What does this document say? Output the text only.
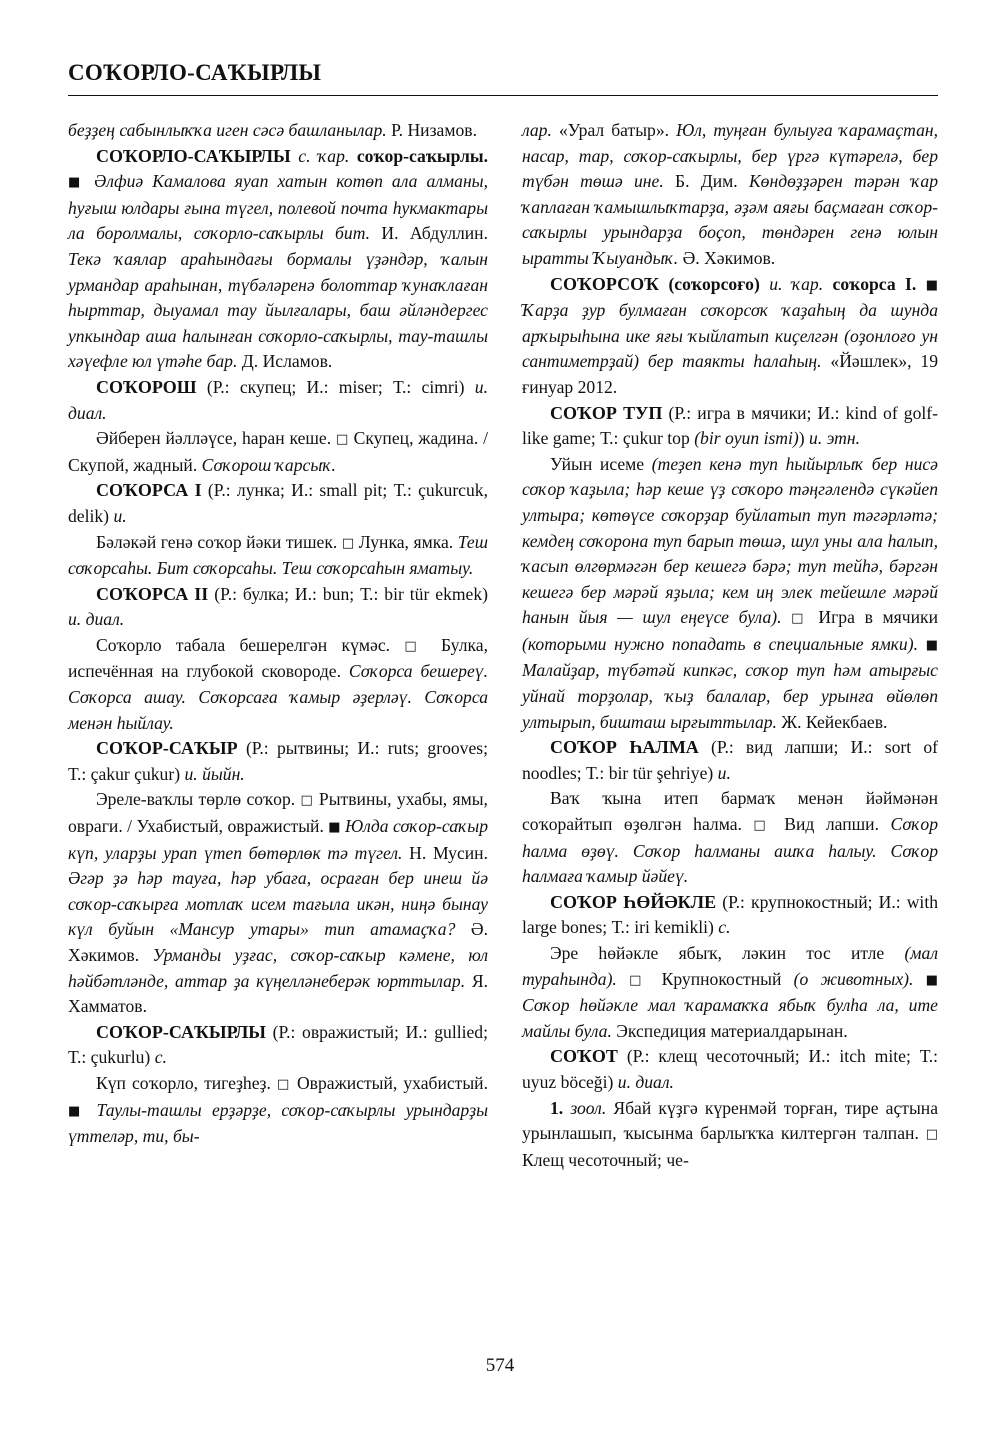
СОҠОРЛО-САҠЫРЛЫ

беҙҙең сабынлыҡҡа иген сәсә башланылар. Р. Низамов.

СОҠОРЛО-САҠЫРЛЫ с. ҡар. соҡор-саҡырлы. ■ Әлфиә Камалова яуап хатын котөп ала алманы, һуғыш юлдары ғына түгел, полевой почта һукмактары ла боролмалы, соҡорло-саҡырлы бит. И. Абдуллин. Текә ҡаялар араһындағы бормалы үҙәндәр, ҡалын урмандар араһынан, түбәләренә болоттар ҡунаҡлаған һырттар, дыуамал тау йылғалары, баш әйләндергес упкындар аша һалынған соҡорло-саҡырлы, тау-ташлы хәүефле юл үтәһе бар. Д. Исламов.

СОҠОРОШ (Р.: скупец; И.: miser; Т.: cimri) и. диал.

Әйберен йәлләүсе, һаран кеше. □ Скупец, жадина. / Скупой, жадный. Соҡорош ҡарсыҡ.

СОҠОРСА I (Р.: лунка; И.: small pit; Т.: çukurcuk, delik) и.

Бәләкәй генә соҡор йәки тишек. □ Лунка, ямка. Теш соҡорсаһы. Бит соҡорсаһы. Теш соҡорсаһын яматыу.

СОҠОРСА II (Р.: булка; И.: bun; Т.: bir tür ekmek) и. диал.

Соҡорло табала бешерелгән күмәс. □ Булка, испечённая на глубокой сковороде. Соҡорса бешереү. Соҡорса ашау. Соҡорсаға ҡамыр әҙерләү. Соҡорса менән һыйлау.

СОҠОР-САҠЫР (Р.: рытвины; И.: ruts; grooves; Т.: çakur çukur) и. йыйн.

Эреле-ваҡлы төрлө соҡор. □ Рытвины, ухабы, ямы, овраги. / Ухабистый, овражистый. ■ Юлда соҡор-саҡыр күп, уларҙы урап үтеп бөтөрлөк тә түгел. Н. Мусин. Әгәр ҙә һәр тауға, һәр убаға, осраған бер инеш йә соҡор-саҡырға мотлаҡ исем тағыла икән, ниңә бынау күл буйын «Мансур утары» тип атамаҫҡа? Ә. Хәкимов. Урманды уҙғас, соҡор-саҡыр кәмене, юл һәйбәтләнде, аттар ҙа күңелләнеберәк юрттылар. Я. Хамматов.

СОҠОР-САҠЫРЛЫ (Р.: овражистый; И.: gullied; Т.: çukurlu) с.

Күп соҡорло, тигеҙһеҙ. □ Овражистый, ухабистый. ■ Таулы-ташлы ерҙәрҙе, соҡор-саҡырлы урындарҙы үттеләр, ти, бы-

лар. «Урал батыр». Юл, туңған булыуға ҡарамаҫтан, насар, тар, соҡор-саҡырлы, бер үргә күтәрелә, бер түбән төшә ине. Б. Дим. Көндөҙҙәрен тәрән ҡар ҡаплаған ҡамышлыҡтарҙа, әҙәм аяғы баҫмаған соҡор-саҡырлы урындарҙа боҫоп, төндәрен генә юлын ыратты Ҡыуандыҡ. Ә. Хәкимов.

СОҠОРСОҠ (соҡорсоғо) и. ҡар. соҡорса I. ■ Ҡарҙа ҙур булмаған соҡорсоҡ ҡаҙаһың да шунда арҡырыһына ике яғы ҡыйлатып киҫелгән (оҙонлоғо ун сантиметрҙай) бер таякты һалаһың. «Йәшлек», 19 ғинуар 2012.

СОҠОР ТУП (Р.: игра в мячики; И.: kind of golf-like game; Т.: çukur top (bir oyun ismi)) и. этн.

Уйын исеме (теҙеп кенә туп һыйырлыҡ бер нисә соҡор ҡаҙыла; һәр кеше үҙ соҡоро тәңгәлендә сүкәйеп ултыра; көтөүсе соҡорҙар буйлатып туп тәгәрләтә; кемдең соҡорона туп барып төшә, шул уны ала һалып, ҡасып өлгөрмәгән бер кешегә бәрә; туп тейһә, бәргән кешегә бер мәрәй яҙыла; кем иң элек тейешле мәрәй һанын йыя — шул еңеүсе була). □ Игра в мячики (которыми нужно попадать в специальные ямки). ■ Малайҙар, түбәтәй кипкәс, соҡор туп һәм атырғыс уйнай торҙолар, ҡыҙ балалар, бер урынға өйөлөп ултырып, бишташ ырғыттылар. Ж. Кейекбаев.

СОҠОР ҺАЛМА (Р.: вид лапши; И.: sort of noodles; Т.: bir tür şehriye) и.

Ваҡ ҡына итеп бармаҡ менән йәймәнән соҡорайтып өҙөлгән һалма. □ Вид лапши. Соҡор һалма өҙөү. Соҡор һалманы ашҡа һалыу. Соҡор һалмаға ҡамыр йәйеү.

СОҠОР ҺӨЙӘКЛЕ (Р.: крупнокостный; И.: with large bones; Т.: iri kemikli) с.

Эре һөйәкле ябыҡ, ләкин тос итле (мал тураһында). □ Крупнокостный (о животных). ■ Соҡор һөйәкле мал ҡарамаҡҡа ябыҡ булһа ла, ите майлы була. Экспедиция материалдарынан.

СОҠОТ (Р.: клещ чесоточный; И.: itch mite; Т.: uyuz böceği) и. диал.

1. зоол. Ябай күҙгә күренмәй торған, тире аҫтына урынлашып, ҡысынма барлыҡҡа килтергән талпан. □ Клещ чесоточный; че-

574
